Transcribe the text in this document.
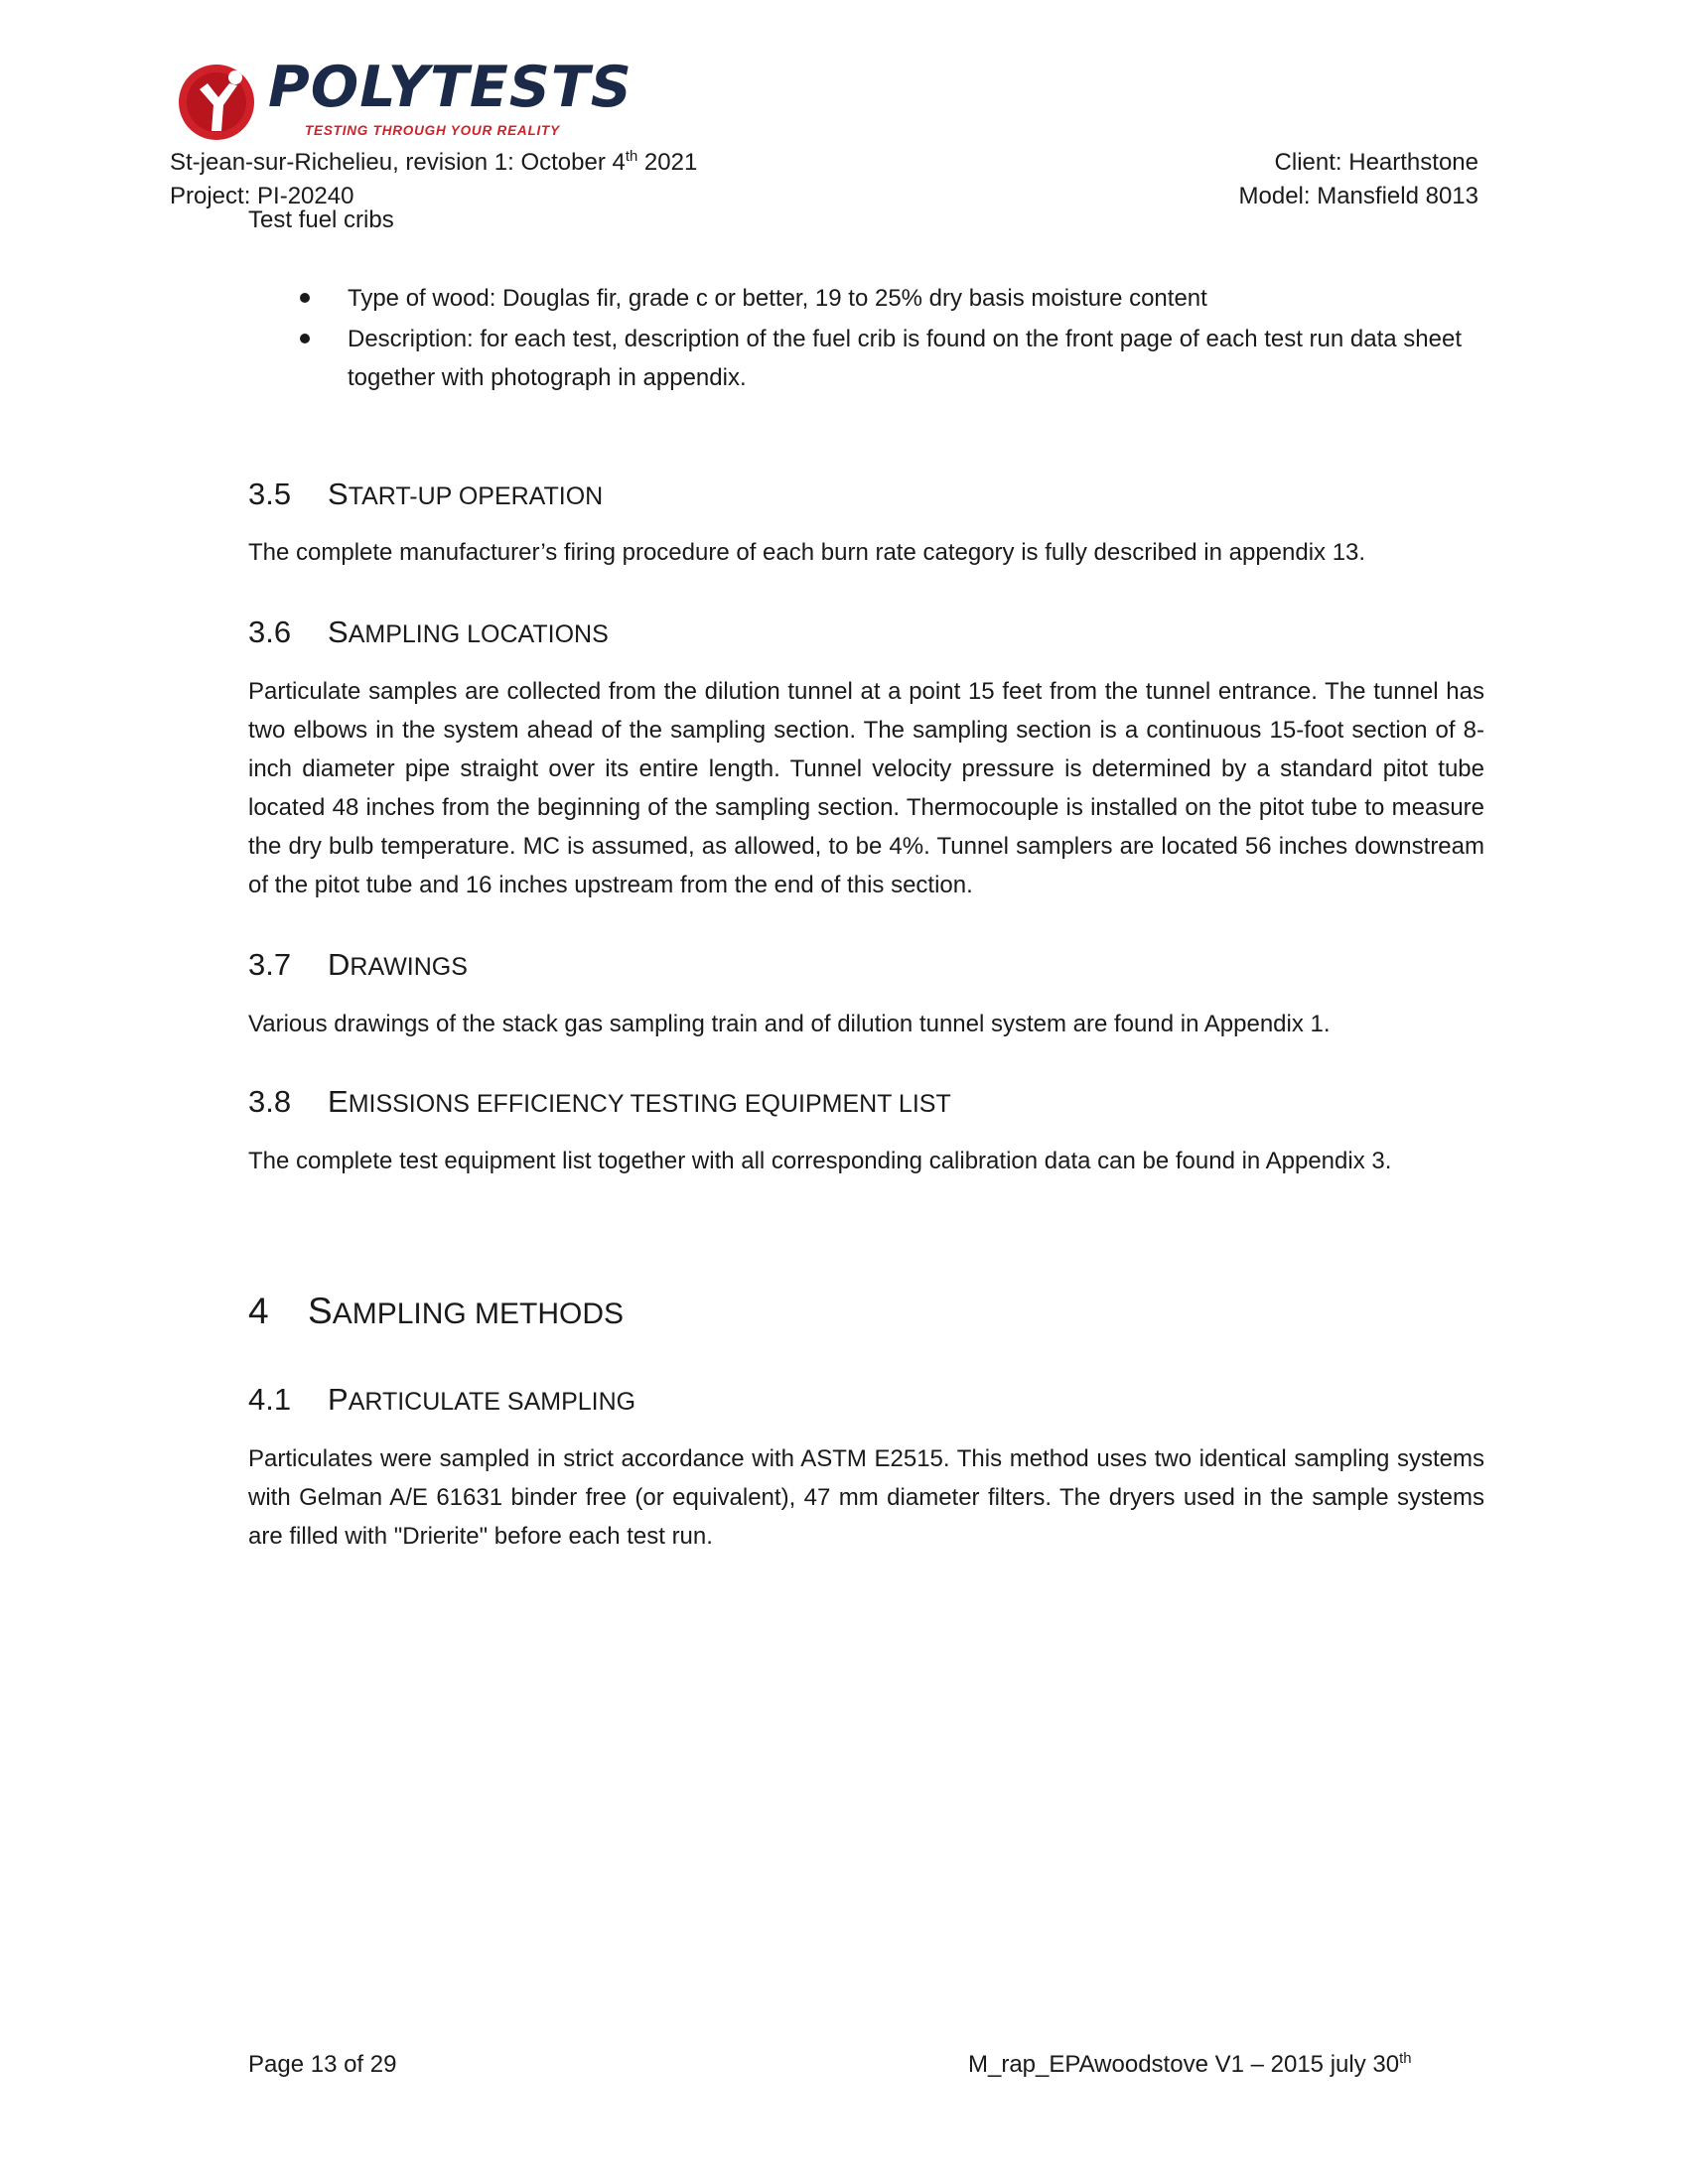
POLYTESTS
TESTING THROUGH YOUR REALITY
St-jean-sur-Richelieu, revision 1: October 4th 2021
Project: PI-20240
Client: Hearthstone
Model: Mansfield 8013
Test fuel cribs
Type of wood: Douglas fir, grade c or better, 19 to 25% dry basis moisture content
Description: for each test, description of the fuel crib is found on the front page of each test run data sheet together with photograph in appendix.
3.5 START-UP OPERATION
The complete manufacturer’s firing procedure of each burn rate category is fully described in appendix 13.
3.6 SAMPLING LOCATIONS
Particulate samples are collected from the dilution tunnel at a point 15 feet from the tunnel entrance. The tunnel has two elbows in the system ahead of the sampling section. The sampling section is a continuous 15-foot section of 8-inch diameter pipe straight over its entire length. Tunnel velocity pressure is determined by a standard pitot tube located 48 inches from the beginning of the sampling section. Thermocouple is installed on the pitot tube to measure the dry bulb temperature. MC is assumed, as allowed, to be 4%. Tunnel samplers are located 56 inches downstream of the pitot tube and 16 inches upstream from the end of this section.
3.7 DRAWINGS
Various drawings of the stack gas sampling train and of dilution tunnel system are found in Appendix 1.
3.8 EMISSIONS EFFICIENCY TESTING EQUIPMENT LIST
The complete test equipment list together with all corresponding calibration data can be found in Appendix 3.
4 SAMPLING METHODS
4.1 PARTICULATE SAMPLING
Particulates were sampled in strict accordance with ASTM E2515. This method uses two identical sampling systems with Gelman A/E 61631 binder free (or equivalent), 47 mm diameter filters. The dryers used in the sample systems are filled with "Drierite" before each test run.
Page 13 of 29	M_rap_EPAwoodstove V1 – 2015 july 30th
